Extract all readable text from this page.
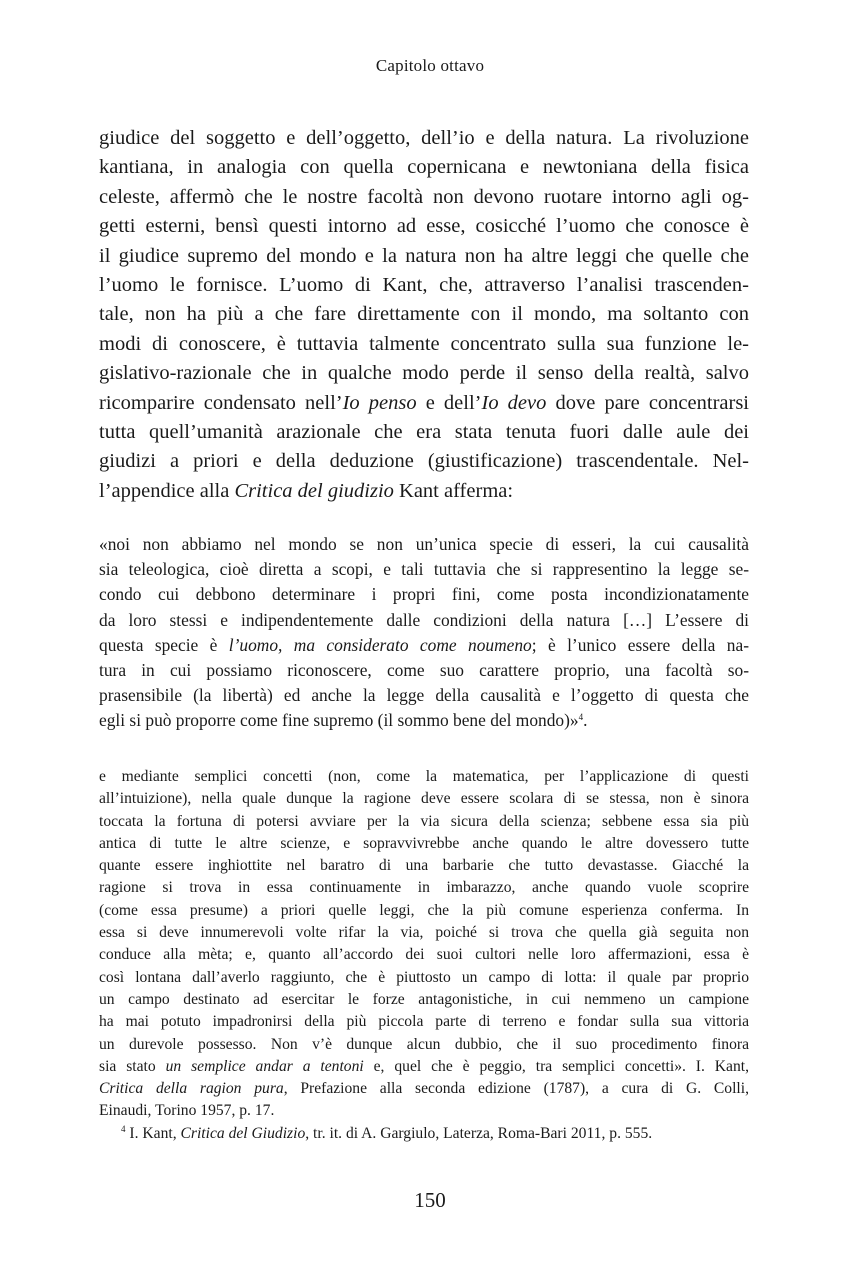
Capitolo ottavo
giudice del soggetto e dell’oggetto, dell’io e della natura. La rivoluzione
kantiana, in analogia con quella copernicana e newtoniana della fisica
celeste, affermò che le nostre facoltà non devono ruotare intorno agli og-
getti esterni, bensì questi intorno ad esse, cosicché l’uomo che conosce è
il giudice supremo del mondo e la natura non ha altre leggi che quelle che
l’uomo le fornisce. L’uomo di Kant, che, attraverso l’analisi trascenden-
tale, non ha più a che fare direttamente con il mondo, ma soltanto con
modi di conoscere, è tuttavia talmente concentrato sulla sua funzione le-
gislativo-razionale che in qualche modo perde il senso della realtà, salvo
ricomparire condensato nell’Io penso e dell’Io devo dove pare concentrarsi
tutta quell’umanità arazionale che era stata tenuta fuori dalle aule dei
giudizi a priori e della deduzione (giustificazione) trascendentale. Nel-
l’appendice alla Critica del giudizio Kant afferma:
«noi non abbiamo nel mondo se non un’unica specie di esseri, la cui causalità
sia teleologica, cioè diretta a scopi, e tali tuttavia che si rappresentino la legge se-
condo cui debbono determinare i propri fini, come posta incondizionatamente
da loro stessi e indipendentemente dalle condizioni della natura […] L’essere di
questa specie è l’uomo, ma considerato come noumeno; è l’unico essere della na-
tura in cui possiamo riconoscere, come suo carattere proprio, una facoltà so-
prasensibile (la libertà) ed anche la legge della causalità e l’oggetto di questa che
egli si può proporre come fine supremo (il sommo bene del mondo)»$^4$.
e mediante semplici concetti (non, come la matematica, per l’applicazione di questi
all’intuizione), nella quale dunque la ragione deve essere scolara di se stessa, non è sinora
toccata la fortuna di potersi avviare per la via sicura della scienza; sebbene essa sia più
antica di tutte le altre scienze, e sopravvivrebbe anche quando le altre dovessero tutte
quante essere inghiottite nel baratro di una barbarie che tutto devastasse. Giacché la
ragione si trova in essa continuamente in imbarazzo, anche quando vuole scoprire
(come essa presume) a priori quelle leggi, che la più comune esperienza conferma. In
essa si deve innumerevoli volte rifar la via, poiché si trova che quella già seguita non
conduce alla mèta; e, quanto all’accordo dei suoi cultori nelle loro affermazioni, essa è
così lontana dall’averlo raggiunto, che è piuttosto un campo di lotta: il quale par proprio
un campo destinato ad esercitar le forze antagonistiche, in cui nemmeno un campione
ha mai potuto impadronirsi della più piccola parte di terreno e fondar sulla sua vittoria
un durevole possesso. Non v’è dunque alcun dubbio, che il suo procedimento finora
sia stato un semplice andar a tentoni e, quel che è peggio, tra semplici concetti». I. Kant,
Critica della ragion pura, Prefazione alla seconda edizione (1787), a cura di G. Colli,
Einaudi, Torino 1957, p. 17.
$^4$ I. Kant, Critica del Giudizio, tr. it. di A. Gargiulo, Laterza, Roma-Bari 2011, p. 555.
150
